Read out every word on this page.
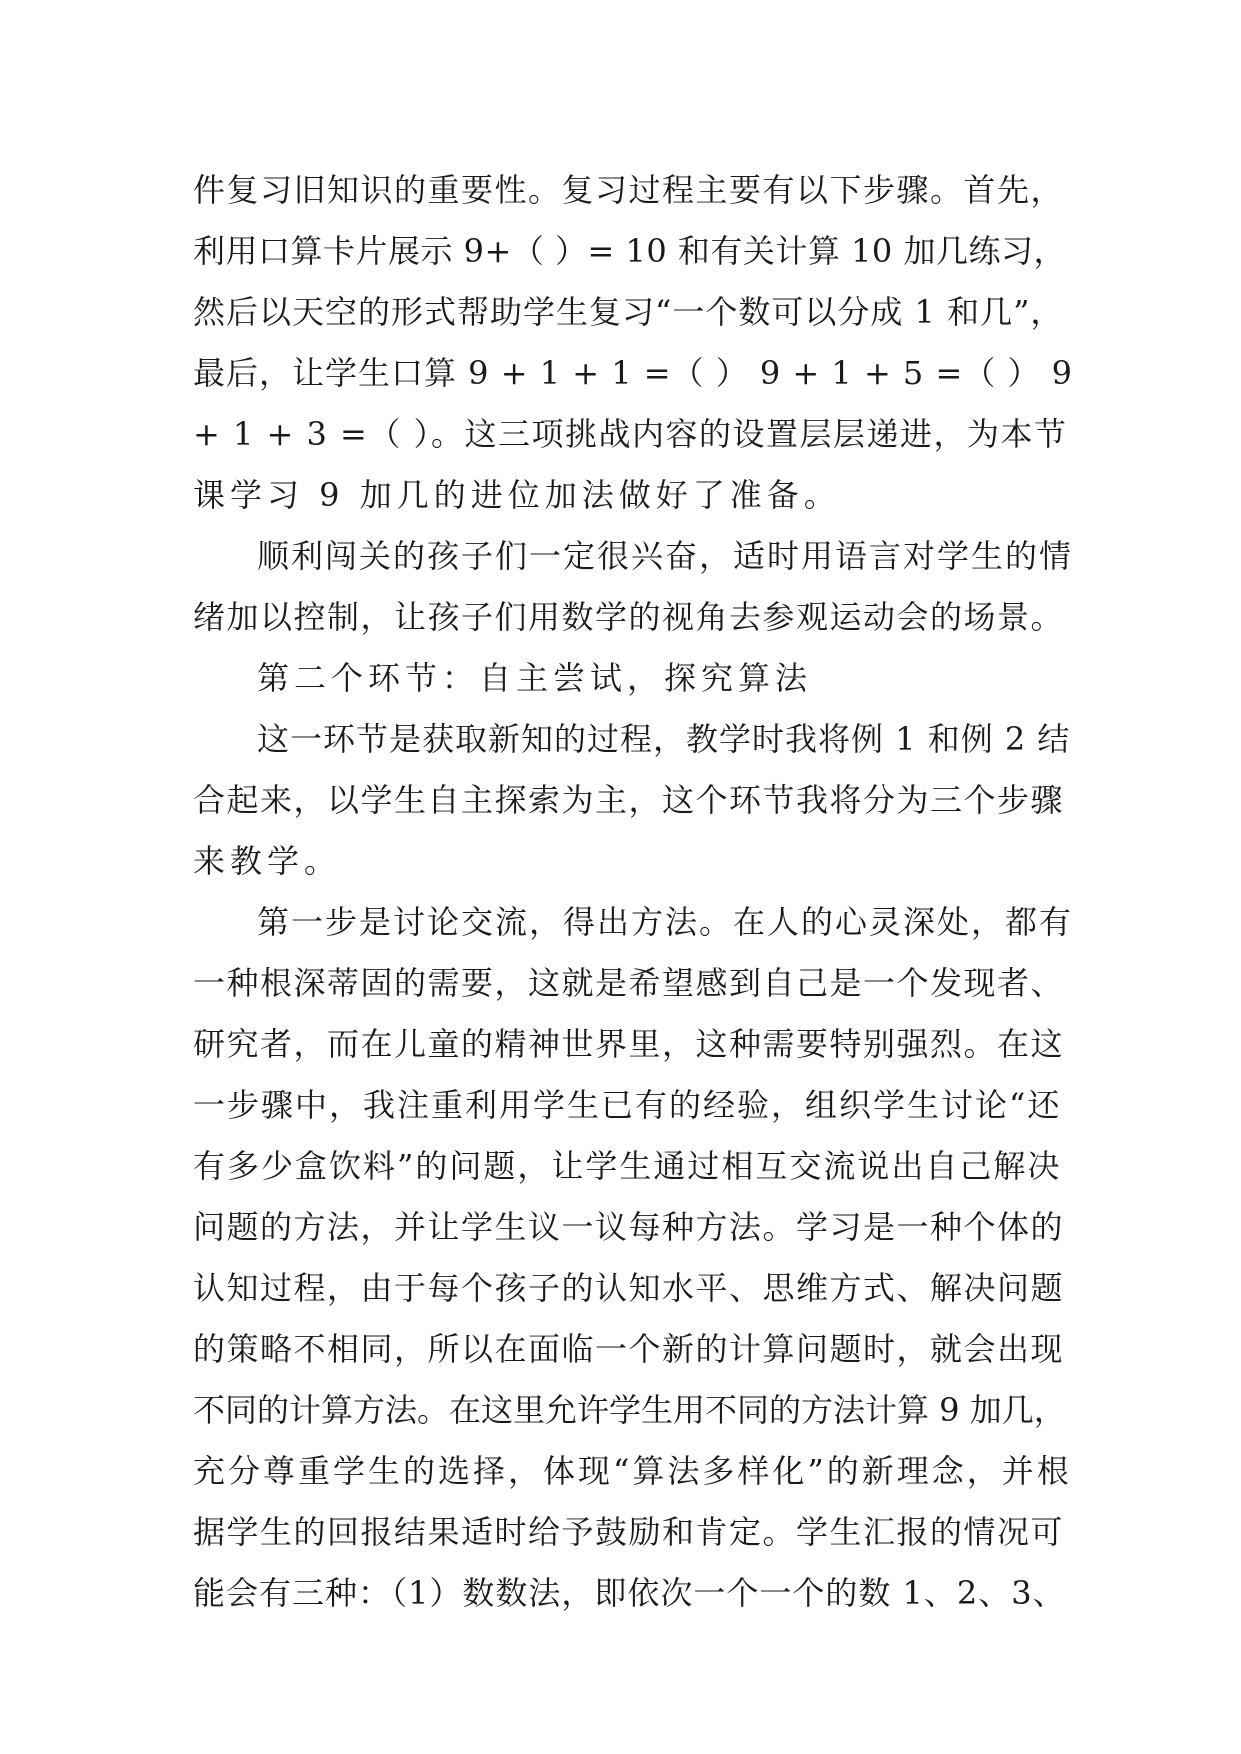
件复习旧知识的重要性。复习过程主要有以下步骤。首先，
利用口算卡片展示 9+（ ）= 10 和有关计算 10 加几练习，
然后以天空的形式帮助学生复习“一个数可以分成 1 和几”，
最后，让学生口算 9 + 1 + 1 =（ ） 9 + 1 + 5 =（ ） 9
+ 1 + 3 =（ ）。这三项挑战内容的设置层层递进，为本节
课学习 9 加几的进位加法做好了准备。
顺利闯关的孩子们一定很兴奋，适时用语言对学生的情
绪加以控制，让孩子们用数学的视角去参观运动会的场景。
第二个环节：自主尝试，探究算法
这一环节是获取新知的过程，教学时我将例 1 和例 2 结
合起来，以学生自主探索为主，这个环节我将分为三个步骤
来教学。
第一步是讨论交流，得出方法。在人的心灵深处，都有
一种根深蒂固的需要，这就是希望感到自己是一个发现者、
研究者，而在儿童的精神世界里，这种需要特别强烈。在这
一步骤中，我注重利用学生已有的经验，组织学生讨论“还
有多少盒饮料”的问题，让学生通过相互交流说出自己解决
问题的方法，并让学生议一议每种方法。学习是一种个体的
认知过程，由于每个孩子的认知水平、思维方式、解决问题
的策略不相同，所以在面临一个新的计算问题时，就会出现
不同的计算方法。在这里允许学生用不同的方法计算 9 加几，
充分尊重学生的选择，体现“算法多样化”的新理念，并根
据学生的回报结果适时给予鼓励和肯定。学生汇报的情况可
能会有三种：（1）数数法，即依次一个一个的数 1、2、3、
